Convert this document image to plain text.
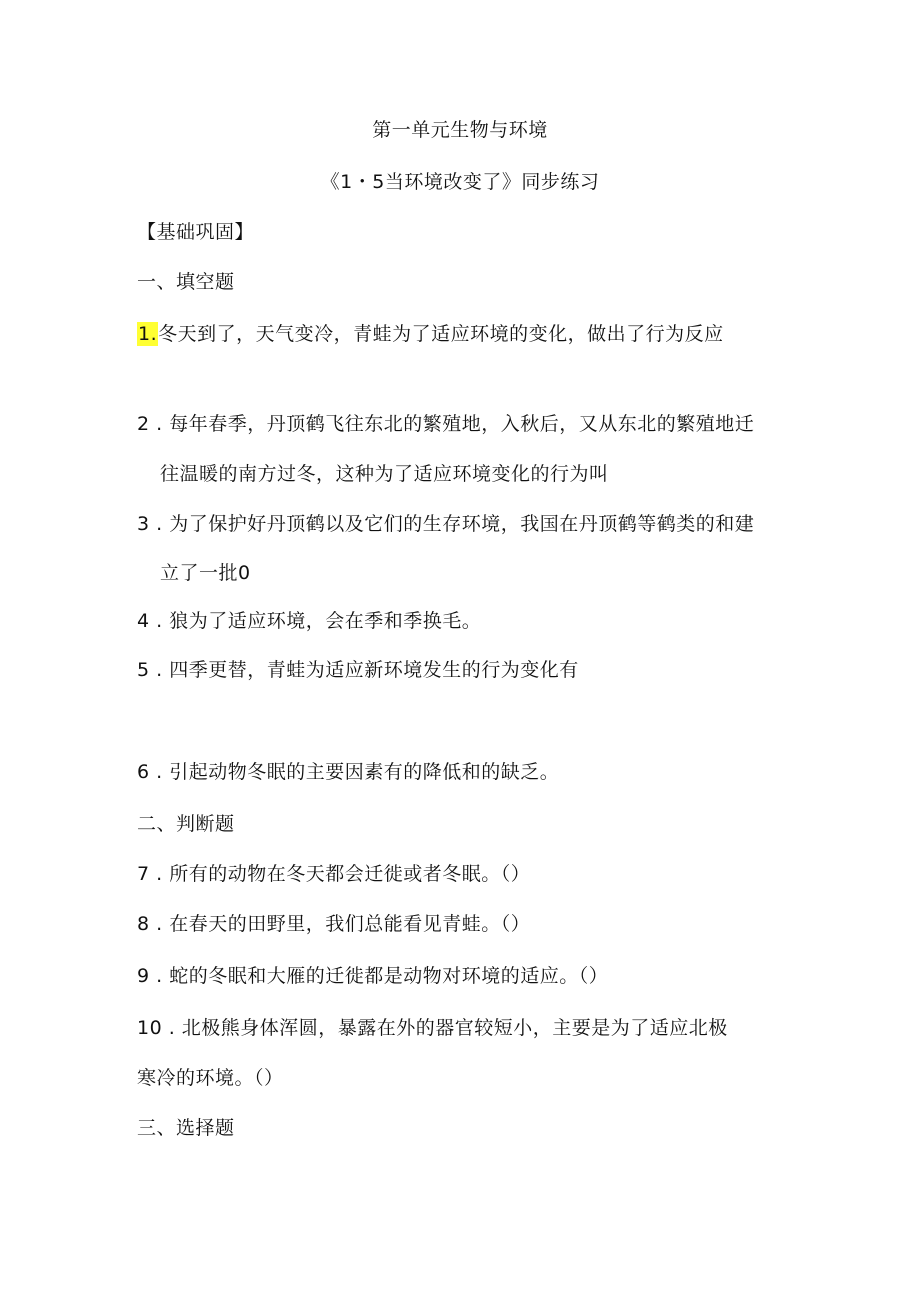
第一单元生物与环境
《1・5当环境改变了》同步练习
【基础巩固】
一、填空题
1.冬天到了，天气变冷，青蛙为了适应环境的变化，做出了行为反应
2 . 每年春季，丹顶鹤飞往东北的繁殖地，入秋后，又从东北的繁殖地迁
往温暖的南方过冬，这种为了适应环境变化的行为叫
3 . 为了保护好丹顶鹤以及它们的生存环境，我国在丹顶鹤等鹤类的和建
立了一批0
4 . 狼为了适应环境，会在季和季换毛。
5 . 四季更替，青蛙为适应新环境发生的行为变化有
6 . 引起动物冬眠的主要因素有的降低和的缺乏。
二、判断题
7 . 所有的动物在冬天都会迁徙或者冬眠。（）
8 . 在春天的田野里，我们总能看见青蛙。（）
9 . 蛇的冬眠和大雁的迁徙都是动物对环境的适应。（）
10 . 北极熊身体浑圆，暴露在外的器官较短小，主要是为了适应北极
寒冷的环境。（）
三、选择题
